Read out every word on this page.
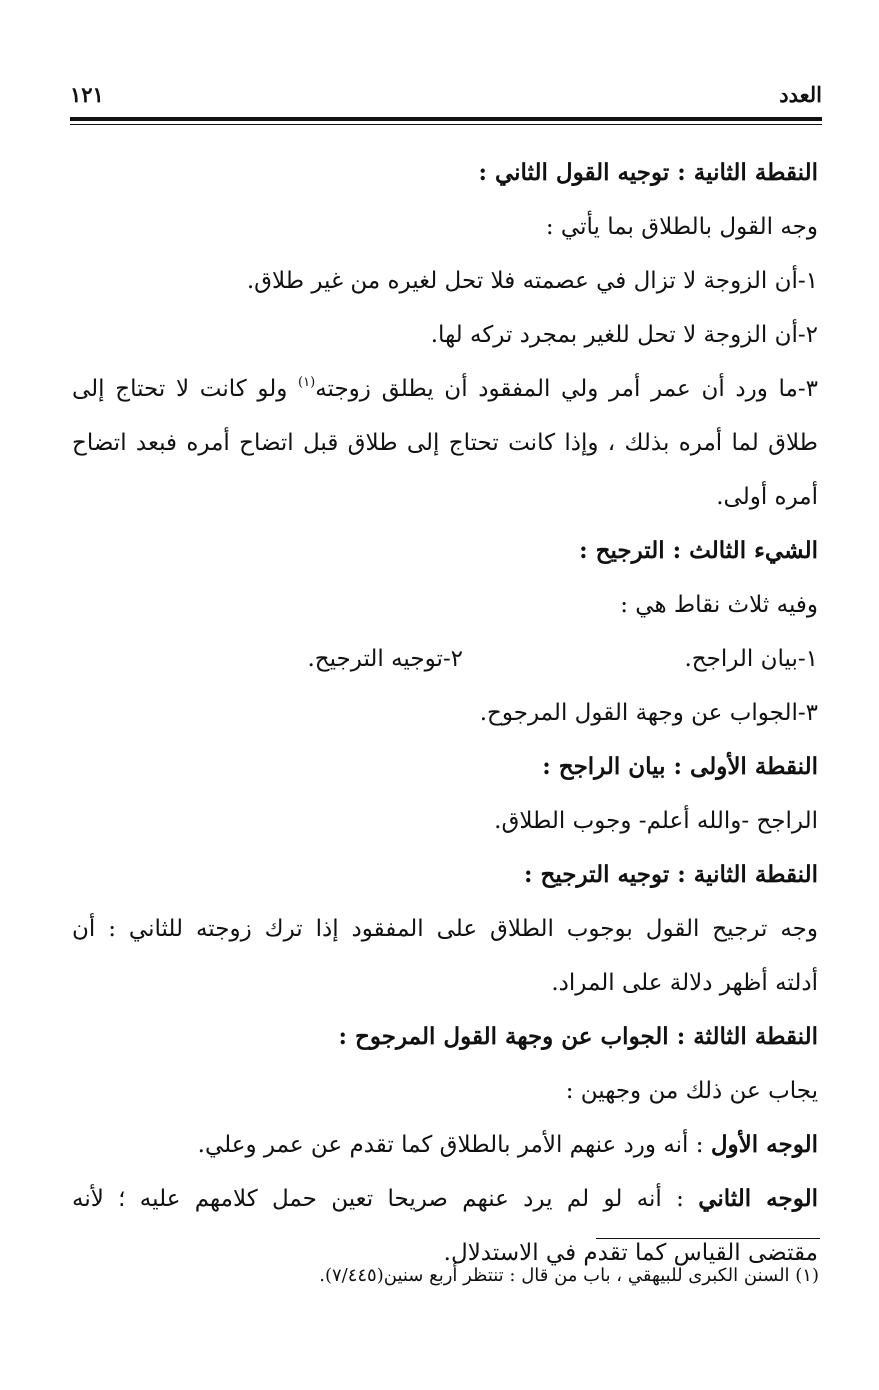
العدد
١٢١
النقطة الثانية : توجيه القول الثاني :
وجه القول بالطلاق بما يأتي :
١-أن الزوجة لا تزال في عصمته فلا تحل لغيره من غير طلاق.
٢-أن الزوجة لا تحل للغير بمجرد تركه لها.
٣-ما ورد أن عمر أمر ولي المفقود أن يطلق زوجته$^{(١)}$ ولو كانت لا تحتاج إلى
طلاق لما أمره بذلك ، وإذا كانت تحتاج إلى طلاق قبل اتضاح أمره فبعد اتضاح
أمره أولى.
الشيء الثالث : الترجيح :
وفيه ثلاث نقاط هي :
١-بيان الراجح.
٢-توجيه الترجيح.
٣-الجواب عن وجهة القول المرجوح.
النقطة الأولى : بيان الراجح :
الراجح -والله أعلم- وجوب الطلاق.
النقطة الثانية : توجيه الترجيح :
وجه ترجيح القول بوجوب الطلاق على المفقود إذا ترك زوجته للثاني : أن
أدلته أظهر دلالة على المراد.
النقطة الثالثة : الجواب عن وجهة القول المرجوح :
يجاب عن ذلك من وجهين :
الوجه الأول : أنه ورد عنهم الأمر بالطلاق كما تقدم عن عمر وعلي.
الوجه الثاني : أنه لو لم يرد عنهم صريحا تعين حمل كلامهم عليه ؛ لأنه
مقتضى القياس كما تقدم في الاستدلال.
(١) السنن الكبرى للبيهقي ، باب من قال : تنتظر أربع سنين(٧/٤٤٥).
